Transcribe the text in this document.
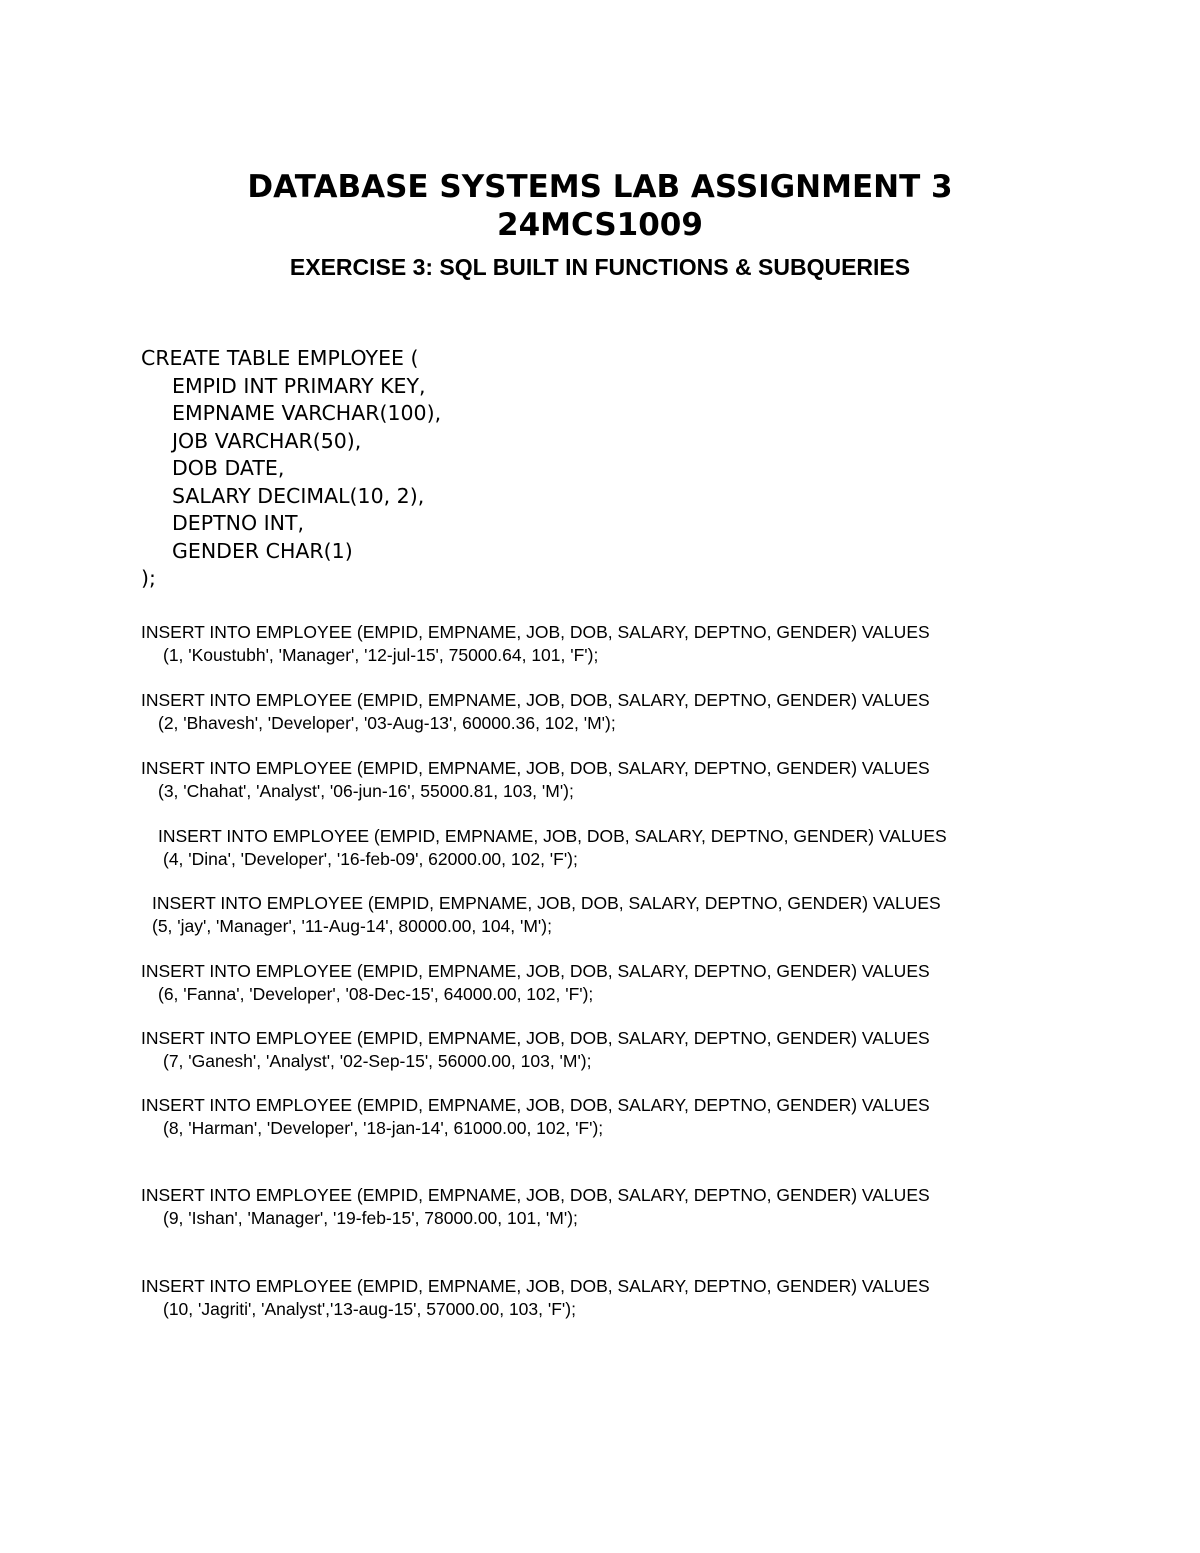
DATABASE SYSTEMS LAB ASSIGNMENT 3
24MCS1009
EXERCISE 3: SQL BUILT IN FUNCTIONS & SUBQUERIES
CREATE TABLE EMPLOYEE (
EMPID INT PRIMARY KEY,
EMPNAME VARCHAR(100),
JOB VARCHAR(50),
DOB DATE,
SALARY DECIMAL(10, 2),
DEPTNO INT,
GENDER CHAR(1)
);
INSERT INTO EMPLOYEE (EMPID, EMPNAME, JOB, DOB, SALARY, DEPTNO, GENDER) VALUES
(1, 'Koustubh', 'Manager', '12-jul-15', 75000.64, 101, 'F');
INSERT INTO EMPLOYEE (EMPID, EMPNAME, JOB, DOB, SALARY, DEPTNO, GENDER) VALUES
(2, 'Bhavesh', 'Developer', '03-Aug-13', 60000.36, 102, 'M');
INSERT INTO EMPLOYEE (EMPID, EMPNAME, JOB, DOB, SALARY, DEPTNO, GENDER) VALUES
(3, 'Chahat', 'Analyst', '06-jun-16', 55000.81, 103, 'M');
INSERT INTO EMPLOYEE (EMPID, EMPNAME, JOB, DOB, SALARY, DEPTNO, GENDER) VALUES
(4, 'Dina', 'Developer', '16-feb-09', 62000.00, 102, 'F');
INSERT INTO EMPLOYEE (EMPID, EMPNAME, JOB, DOB, SALARY, DEPTNO, GENDER) VALUES
(5, 'jay', 'Manager', '11-Aug-14', 80000.00, 104, 'M');
INSERT INTO EMPLOYEE (EMPID, EMPNAME, JOB, DOB, SALARY, DEPTNO, GENDER) VALUES
(6, 'Fanna', 'Developer', '08-Dec-15', 64000.00, 102, 'F');
INSERT INTO EMPLOYEE (EMPID, EMPNAME, JOB, DOB, SALARY, DEPTNO, GENDER) VALUES
(7, 'Ganesh', 'Analyst', '02-Sep-15', 56000.00, 103, 'M');
INSERT INTO EMPLOYEE (EMPID, EMPNAME, JOB, DOB, SALARY, DEPTNO, GENDER) VALUES
(8, 'Harman', 'Developer', '18-jan-14', 61000.00, 102, 'F');
INSERT INTO EMPLOYEE (EMPID, EMPNAME, JOB, DOB, SALARY, DEPTNO, GENDER) VALUES
(9, 'Ishan', 'Manager', '19-feb-15', 78000.00, 101, 'M');
INSERT INTO EMPLOYEE (EMPID, EMPNAME, JOB, DOB, SALARY, DEPTNO, GENDER) VALUES
(10, 'Jagriti', 'Analyst','13-aug-15', 57000.00, 103, 'F');
